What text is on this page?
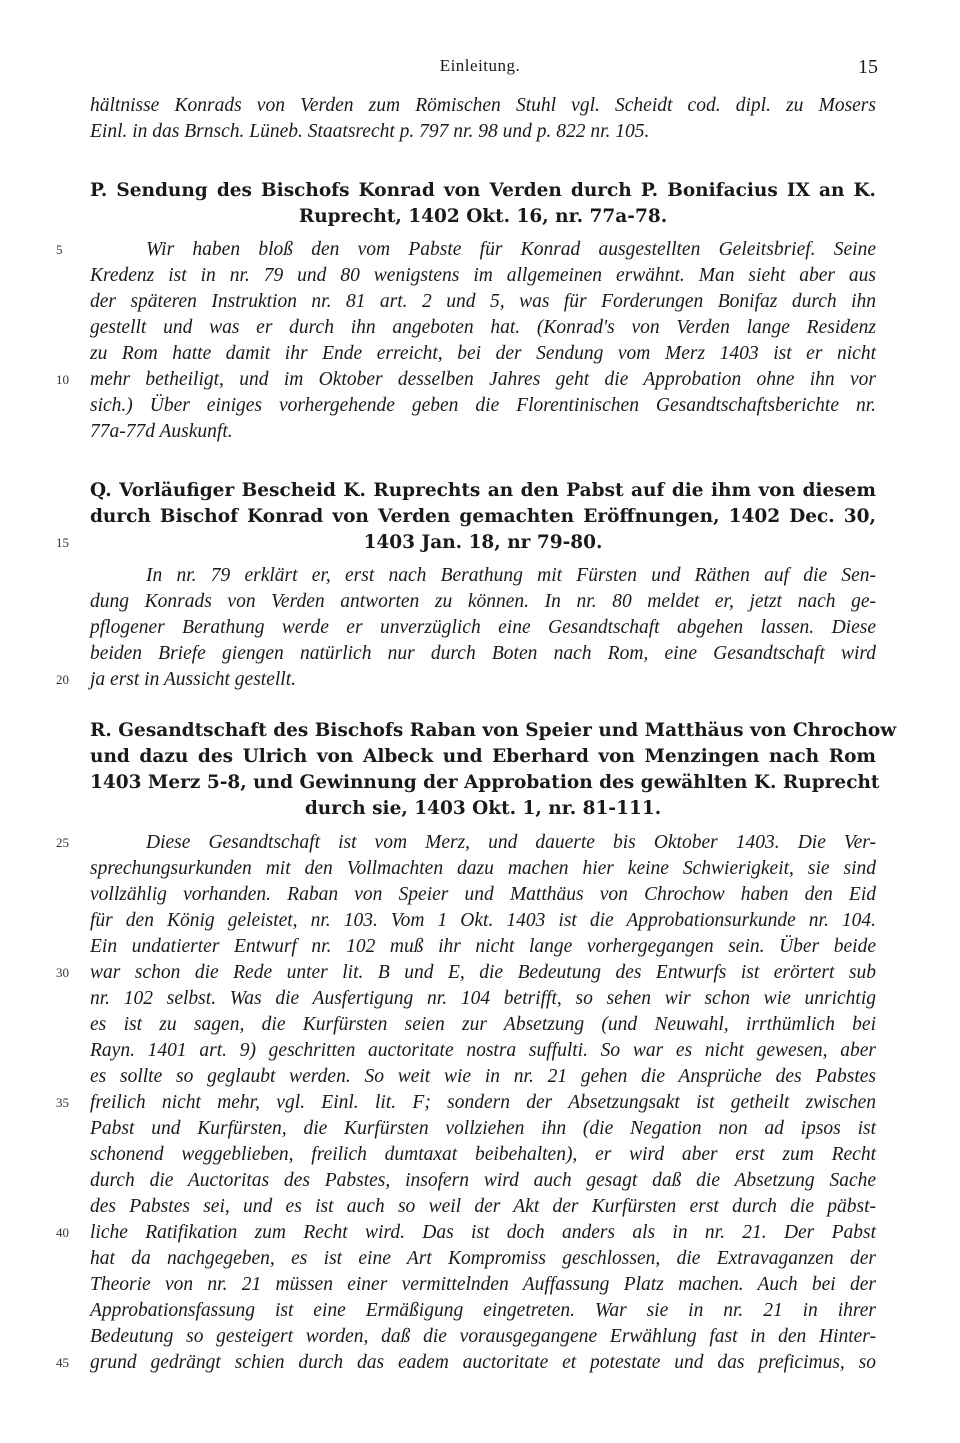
Einleitung.	15
hältnisse Konrads von Verden zum Römischen Stuhl vgl. Scheidt cod. dipl. zu Mosers
Einl. in das Brnsch. Lüneb. Staatsrecht p. 797 nr. 98 und p. 822 nr. 105.
P. Sendung des Bischofs Konrad von Verden durch P. Bonifacius IX an K.
Ruprecht, 1402 Okt. 16, nr. 77a-78.
Wir haben bloß den vom Pabste für Konrad ausgestellten Geleitsbrief. Seine
Kredenz ist in nr. 79 und 80 wenigstens im allgemeinen erwähnt. Man sieht aber aus
der späteren Instruktion nr. 81 art. 2 und 5, was für Forderungen Bonifaz durch ihn
gestellt und was er durch ihn angeboten hat. (Konrad's von Verden lange Residenz
zu Rom hatte damit ihr Ende erreicht, bei der Sendung vom Merz 1403 ist er nicht
mehr betheiligt, und im Oktober desselben Jahres geht die Approbation ohne ihn vor
sich.) Über einiges vorhergehende geben die Florentinischen Gesandtschaftsberichte nr.
77a-77d Auskunft.
Q. Vorläufiger Bescheid K. Ruprechts an den Pabst auf die ihm von diesem
durch Bischof Konrad von Verden gemachten Eröffnungen, 1402 Dec. 30,
1403 Jan. 18, nr 79-80.
In nr. 79 erklärt er, erst nach Berathung mit Fürsten und Räthen auf die Sen-
dung Konrads von Verden antworten zu können. In nr. 80 meldet er, jetzt nach ge-
pflogener Berathung werde er unverzüglich eine Gesandtschaft abgehen lassen. Diese
beiden Briefe giengen natürlich nur durch Boten nach Rom, eine Gesandtschaft wird
ja erst in Aussicht gestellt.
R. Gesandtschaft des Bischofs Raban von Speier und Matthäus von Chrochow
und dazu des Ulrich von Albeck und Eberhard von Menzingen nach Rom
1403 Merz 5-8, und Gewinnung der Approbation des gewählten K. Ruprecht
durch sie, 1403 Okt. 1, nr. 81-111.
Diese Gesandtschaft ist vom Merz, und dauerte bis Oktober 1403. Die Ver-
sprechungsurkunden mit den Vollmachten dazu machen hier keine Schwierigkeit, sie sind
vollzählig vorhanden. Raban von Speier und Matthäus von Chrochow haben den Eid
für den König geleistet, nr. 103. Vom 1 Okt. 1403 ist die Approbationsurkunde nr. 104.
Ein undatierter Entwurf nr. 102 muß ihr nicht lange vorhergegangen sein. Über beide
war schon die Rede unter lit. B und E, die Bedeutung des Entwurfs ist erörtert sub
nr. 102 selbst. Was die Ausfertigung nr. 104 betrifft, so sehen wir schon wie unrichtig
es ist zu sagen, die Kurfürsten seien zur Absetzung (und Neuwahl, irrthümlich bei
Rayn. 1401 art. 9) geschritten auctoritate nostra suffulti. So war es nicht gewesen, aber
es sollte so geglaubt werden. So weit wie in nr. 21 gehen die Ansprüche des Pabstes
freilich nicht mehr, vgl. Einl. lit. F; sondern der Absetzungsakt ist getheilt zwischen
Pabst und Kurfürsten, die Kurfürsten vollziehen ihn (die Negation non ad ipsos ist
schonend weggeblieben, freilich dumtaxat beibehalten), er wird aber erst zum Recht
durch die Auctoritas des Pabstes, insofern wird auch gesagt daß die Absetzung Sache
des Pabstes sei, und es ist auch so weil der Akt der Kurfürsten erst durch die päbst-
liche Ratifikation zum Recht wird. Das ist doch anders als in nr. 21. Der Pabst
hat da nachgegeben, es ist eine Art Kompromiss geschlossen, die Extravaganzen der
Theorie von nr. 21 müssen einer vermittelnden Auffassung Platz machen. Auch bei der
Approbationsfassung ist eine Ermäßigung eingetreten. War sie in nr. 21 in ihrer
Bedeutung so gesteigert worden, daß die vorausgegangene Erwählung fast in den Hinter-
grund gedrängt schien durch das eadem auctoritate et potestate und das preficimus, so
5
10
15
20
25
30
35
40
45
